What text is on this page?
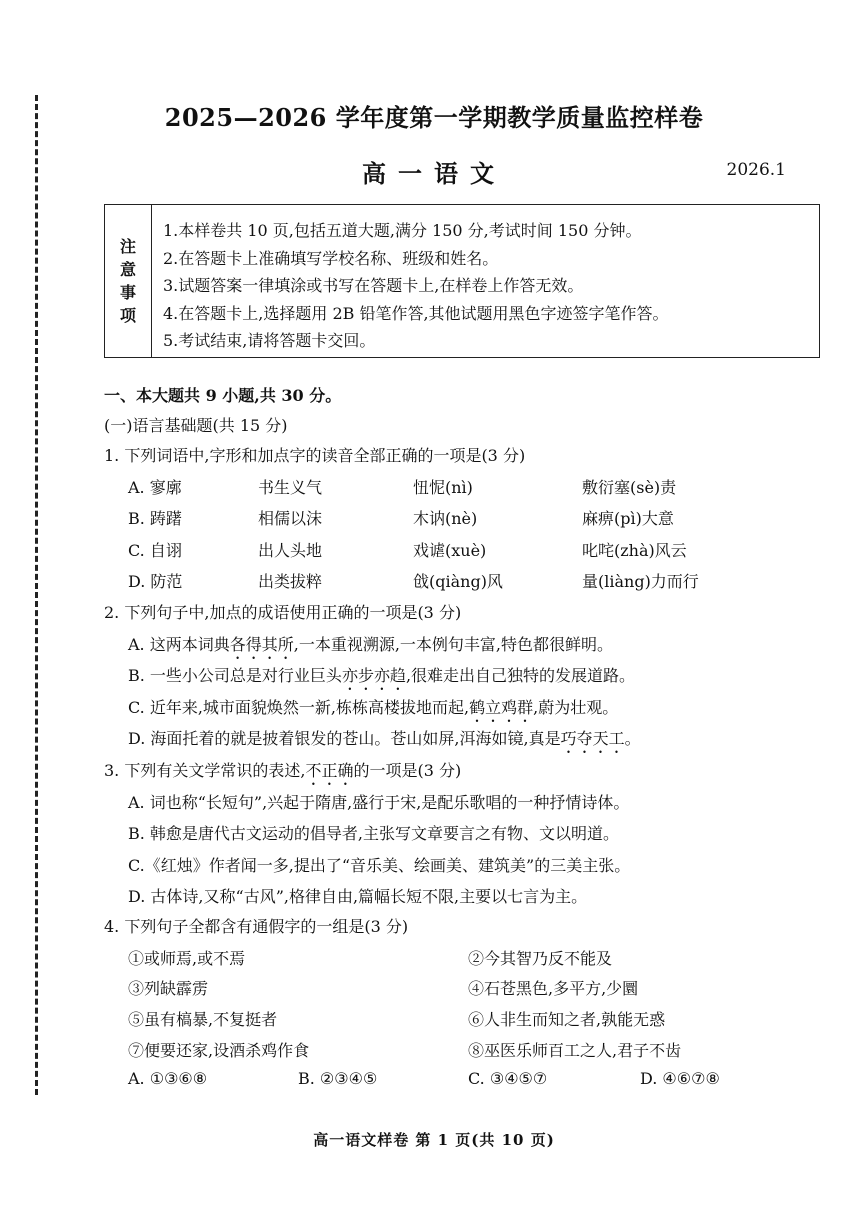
2025—2026 学年度第一学期教学质量监控样卷
高一语文	2026.1
注
意
事
项
1.本样卷共 10 页,包括五道大题,满分 150 分,考试时间 150 分钟。
2.在答题卡上准确填写学校名称、班级和姓名。
3.试题答案一律填涂或书写在答题卡上,在样卷上作答无效。
4.在答题卡上,选择题用 2B 铅笔作答,其他试题用黑色字迹签字笔作答。
5.考试结束,请将答题卡交回。
一、本大题共 9 小题,共 30 分。
(一)语言基础题(共 15 分)
1. 下列词语中,字形和加点字的读音全部正确的一项是(3 分)
A. 寥廓	书生义气	忸怩(nì)	敷衍塞(sè)责
B. 踌躇	相儒以沫	木讷(nè)	麻痹(pì)大意
C. 自诩	出人头地	戏谑(xuè)	叱咤(zhà)风云
D. 防范	出类拔粹	戗(qiàng)风	量(liàng)力而行
2. 下列句子中,加点的成语使用正确的一项是(3 分)
A. 这两本词典各得其所,一本重视溯源,一本例句丰富,特色都很鲜明。
B. 一些小公司总是对行业巨头亦步亦趋,很难走出自己独特的发展道路。
C. 近年来,城市面貌焕然一新,栋栋高楼拔地而起,鹤立鸡群,蔚为壮观。
D. 海面托着的就是披着银发的苍山。苍山如屏,洱海如镜,真是巧夺天工。
3. 下列有关文学常识的表述,不正确的一项是(3 分)
A. 词也称“长短句”,兴起于隋唐,盛行于宋,是配乐歌唱的一种抒情诗体。
B. 韩愈是唐代古文运动的倡导者,主张写文章要言之有物、文以明道。
C.《红烛》作者闻一多,提出了“音乐美、绘画美、建筑美”的三美主张。
D. 古体诗,又称“古风”,格律自由,篇幅长短不限,主要以七言为主。
4. 下列句子全都含有通假字的一组是(3 分)
①或师焉,或不焉	②今其智乃反不能及
③列缺霹雳	④石苍黑色,多平方,少圜
⑤虽有槁暴,不复挺者	⑥人非生而知之者,孰能无惑
⑦便要还家,设酒杀鸡作食	⑧巫医乐师百工之人,君子不齿
A. ①③⑥⑧	B. ②③④⑤	C. ③④⑤⑦	D. ④⑥⑦⑧
高一语文样卷 第 1 页(共 10 页)
